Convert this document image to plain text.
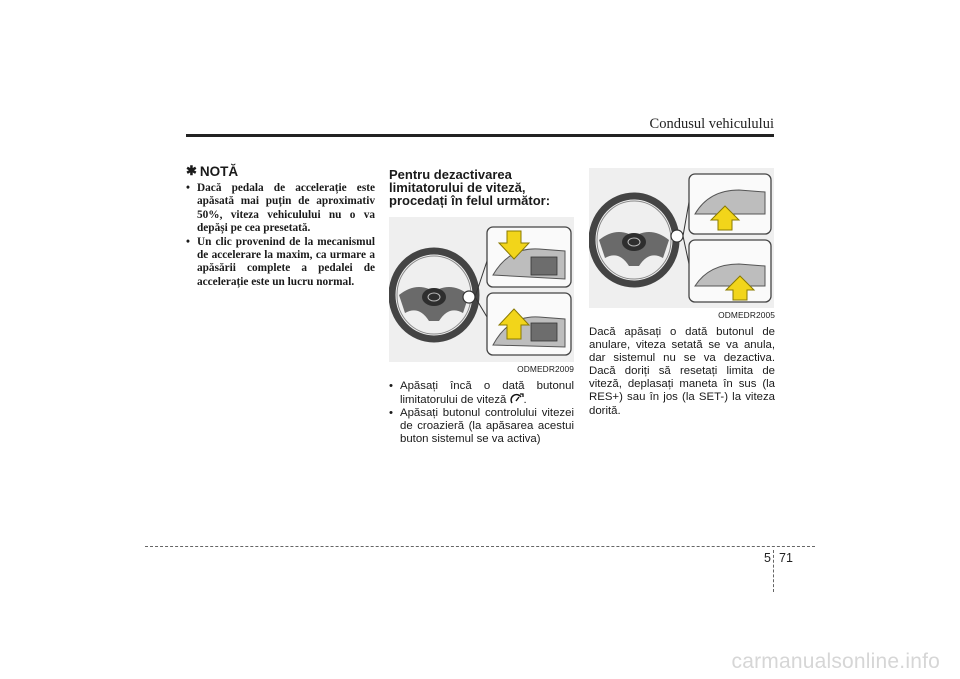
Condusul vehiculului
✱ NOTĂ
• Dacă pedala de accelerație este apăsată mai puțin de aproximativ 50%, viteza vehiculului nu o va depăși pe cea presetată.
• Un clic provenind de la mecanismul de accelerare la maxim, ca urmare a apăsării complete a pedalei de accelerație este un lucru normal.
Pentru dezactivarea limitatorului de viteză, procedați în felul următor:
ODMEDR2009
• Apăsați încă o dată butonul limitatorului de viteză .
• Apăsați butonul controlului vitezei de croazieră (la apăsarea acestui buton sistemul se va activa)
ODMEDR2005

Dacă apăsați o dată butonul de anulare, viteza setată se va anula, dar sistemul nu se va dezactiva. Dacă doriți să resetați limita de viteză, deplasați maneta în sus (la RES+) sau în jos (la SET-) la viteza dorită.

5 71
carmanualsonline.info
